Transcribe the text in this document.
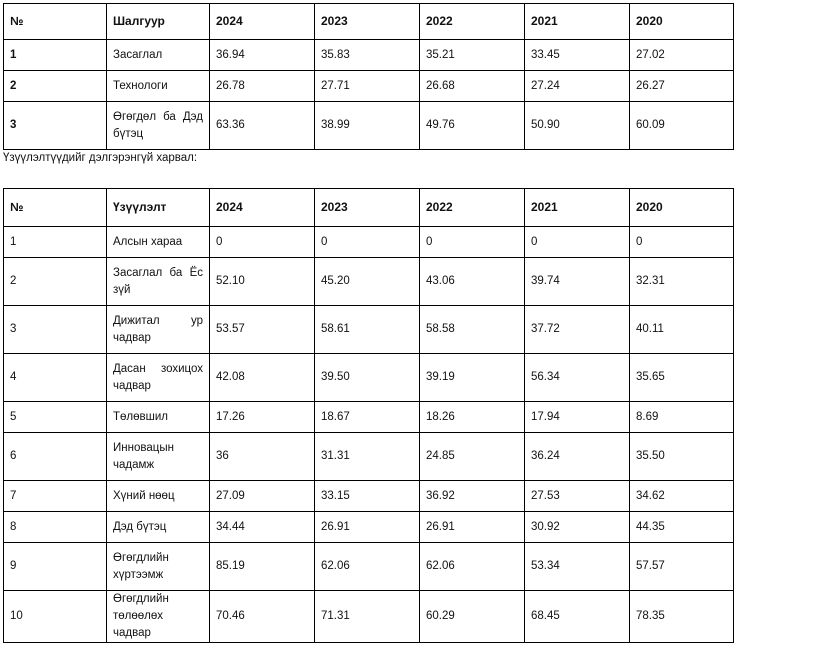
№	Шалгуур	2024	2023	2022	2021	2020
1	Засаглал	36.94	35.83	35.21	33.45	27.02
2	Технологи	26.78	27.71	26.68	27.24	26.27
3	Өгөгдөл ба Дэд бүтэц	63.36	38.99	49.76	50.90	60.09

Үзүүлэлтүүдийг дэлгэрэнгүй харвал:

№	Үзүүлэлт	2024	2023	2022	2021	2020
1	Алсын хараа	0	0	0	0	0
2	Засаглал ба Ёс зүй	52.10	45.20	43.06	39.74	32.31
3	Дижитал ур чадвар	53.57	58.61	58.58	37.72	40.11
4	Дасан зохицох чадвар	42.08	39.50	39.19	56.34	35.65
5	Төлөвшил	17.26	18.67	18.26	17.94	8.69
6	Инновацын чадамж	36	31.31	24.85	36.24	35.50
7	Хүний нөөц	27.09	33.15	36.92	27.53	34.62
8	Дэд бүтэц	34.44	26.91	26.91	30.92	44.35
9	Өгөгдлийн хүртээмж	85.19	62.06	62.06	53.34	57.57
10	Өгөгдлийн төлөөлөх чадвар	70.46	71.31	60.29	68.45	78.35
